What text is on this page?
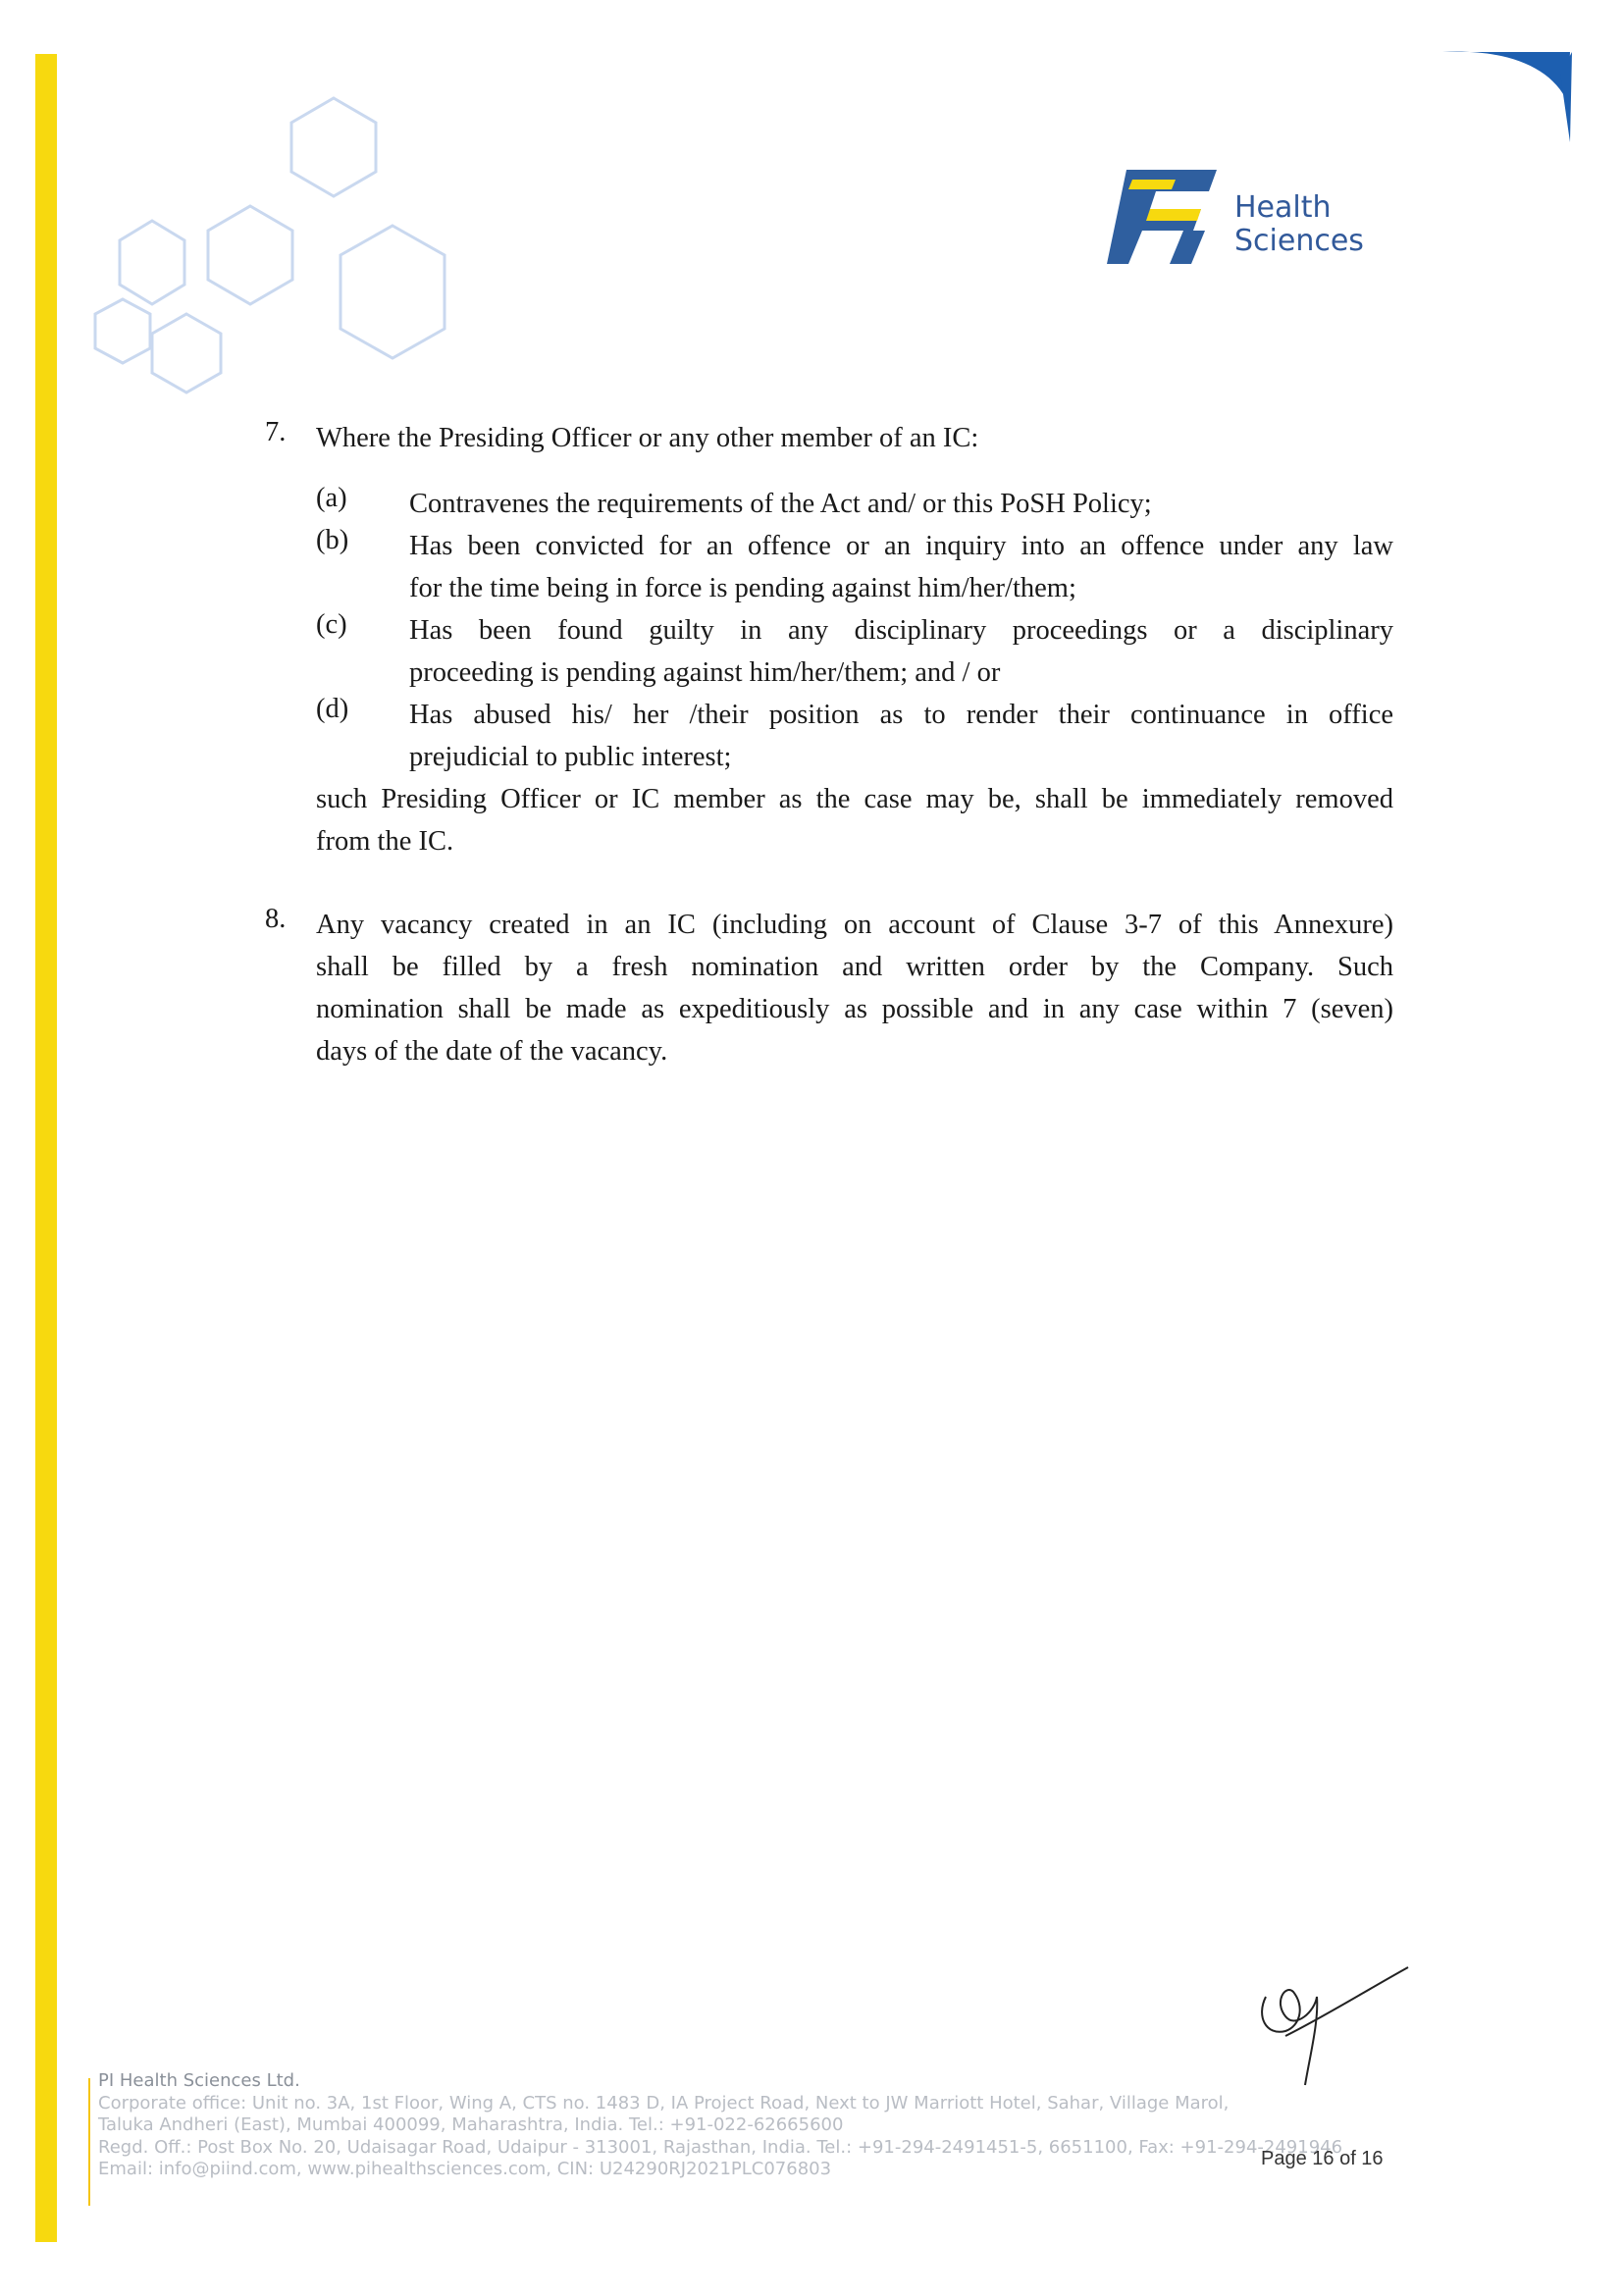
Health
Sciences
7. Where the Presiding Officer or any other member of an IC:

(a) Contravenes the requirements of the Act and/ or this PoSH Policy;

(b) Has been convicted for an offence or an inquiry into an offence under any law

for the time being in force is pending against him/her/them;

(c) Has been found guilty in any disciplinary proceedings or a disciplinary

proceeding is pending against him/her/them; and / or

(d) Has abused his/ her /their position as to render their continuance in office

prejudicial to public interest;

such Presiding Officer or IC member as the case may be, shall be immediately removed

from the IC.

8. Any vacancy created in an IC (including on account of Clause 3-7 of this Annexure)

shall be filled by a fresh nomination and written order by the Company. Such

nomination shall be made as expeditiously as possible and in any case within 7 (seven)

days of the date of the vacancy.

PI Health Sciences Ltd.
Corporate office: Unit no. 3A, 1st Floor, Wing A, CTS no. 1483 D, IA Project Road, Next to JW Marriott Hotel, Sahar, Village Marol,
Taluka Andheri (East), Mumbai 400099, Maharashtra, India. Tel.: +91-022-62665600
Regd. Off.: Post Box No. 20, Udaisagar Road, Udaipur - 313001, Rajasthan, India. Tel.: +91-294-2491451-5, 6651100, Fax: +91-294-2491946
Email: info@piind.com, www.pihealthsciences.com, CIN: U24290RJ2021PLC076803	Page 16 of 16
